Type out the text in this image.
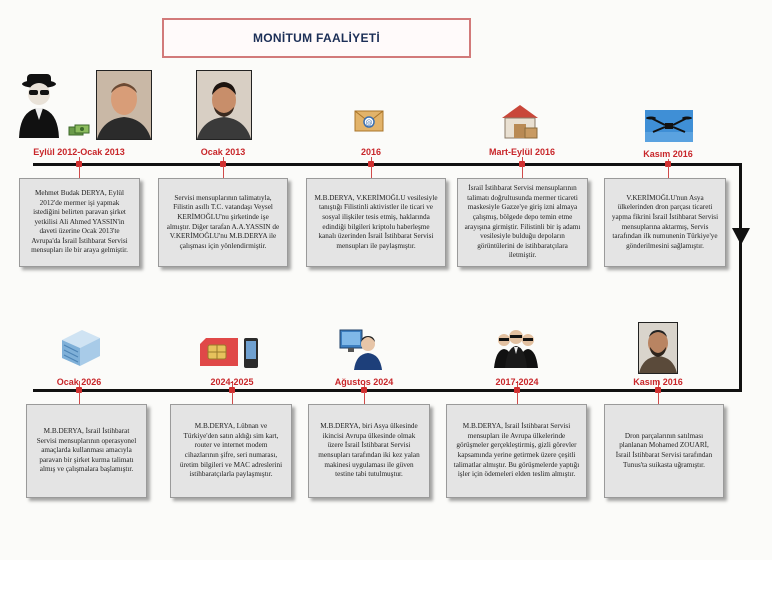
MONİTUM FAALİYETİ
Eylül 2012-Ocak 2013
Mehmet Budak DERYA, Eylül 2012'de mermer işi yapmak istediğini belirten paravan şirket yetkilisi Ali Ahmed YASSIN'in daveti üzerine Ocak 2013'te Avrupa'da İsrail İstihbarat Servisi mensupları ile bir araya gelmiştir.
Ocak 2013
Servisi mensuplarının talimatıyla, Filistin asıllı T.C. vatandaşı Veysel KERİMOĞLU'nu şirketinde işe almıştır. Diğer tarafan A.A.YASSIN de V.KERİMOĞLU'nu M.B.DERYA ile çalışması için yönlendirmiştir.
@
2016
M.B.DERYA, V.KERİMOĞLU vesilesiyle tanıştığı Filistinli aktivistler ile ticari ve sosyal ilişkiler tesis etmiş, haklarında edindiği bilgileri kriptolu haberleşme kanalı üzerinden İsrail İstihbarat Servisi mensupları ile paylaşmıştır.
Mart-Eylül 2016
İsrail İstihbarat Servisi mensuplarının talimatı doğrultusunda mermer ticareti maskesiyle Gazze'ye giriş izni almaya çalışmış, bölgede depo temin etme arayışına girmiştir. Filistinli bir iş adamı vesilesiyle bulduğu depoların görüntülerini de istihbaratçılara iletmiştir.
Kasım 2016
V.KERİMOĞLU'nun Asya ülkelerinden dron parçası ticareti yapma fikrini İsrail İstihbarat Servisi mensuplarına aktarmış, Servis tarafından ilk numunenin Türkiye'ye gönderilmesini sağlamıştır.
Ocak 2026
M.B.DERYA, İsrail İstihbarat Servisi mensuplarının operasyonel amaçlarda kullanması amacıyla paravan bir şirket kurma talimatı almış ve çalışmalara başlamıştır.
2024-2025
M.B.DERYA, Lübnan ve Türkiye'den satın aldığı sim kart, router ve internet modem cihazlarının şifre, seri numarası, üretim bilgileri ve MAC adreslerini istihbaratçılarla paylaşmıştır.
Ağustos 2024
M.B.DERYA, biri Asya ülkesinde ikincisi Avrupa ülkesinde olmak üzere İsrail İstihbarat Servisi mensupları tarafından iki kez yalan makinesi uygulaması ile güven testine tabi tutulmuştur.
2017-2024
M.B.DERYA, İsrail İstihbarat Servisi mensupları ile Avrupa ülkelerinde görüşmeler gerçekleştirmiş, gizli görevler kapsamında yerine getirmek üzere çeşitli talimatlar almıştır. Bu görüşmelerde yaptığı işler için ödemeleri elden teslim almıştır.
Kasım 2016
Dron parçalarının satılması planlanan Mohamed ZOUARİ, İsrail İstihbarat Servisi tarafından Tunus'ta suikasta uğramıştır.
